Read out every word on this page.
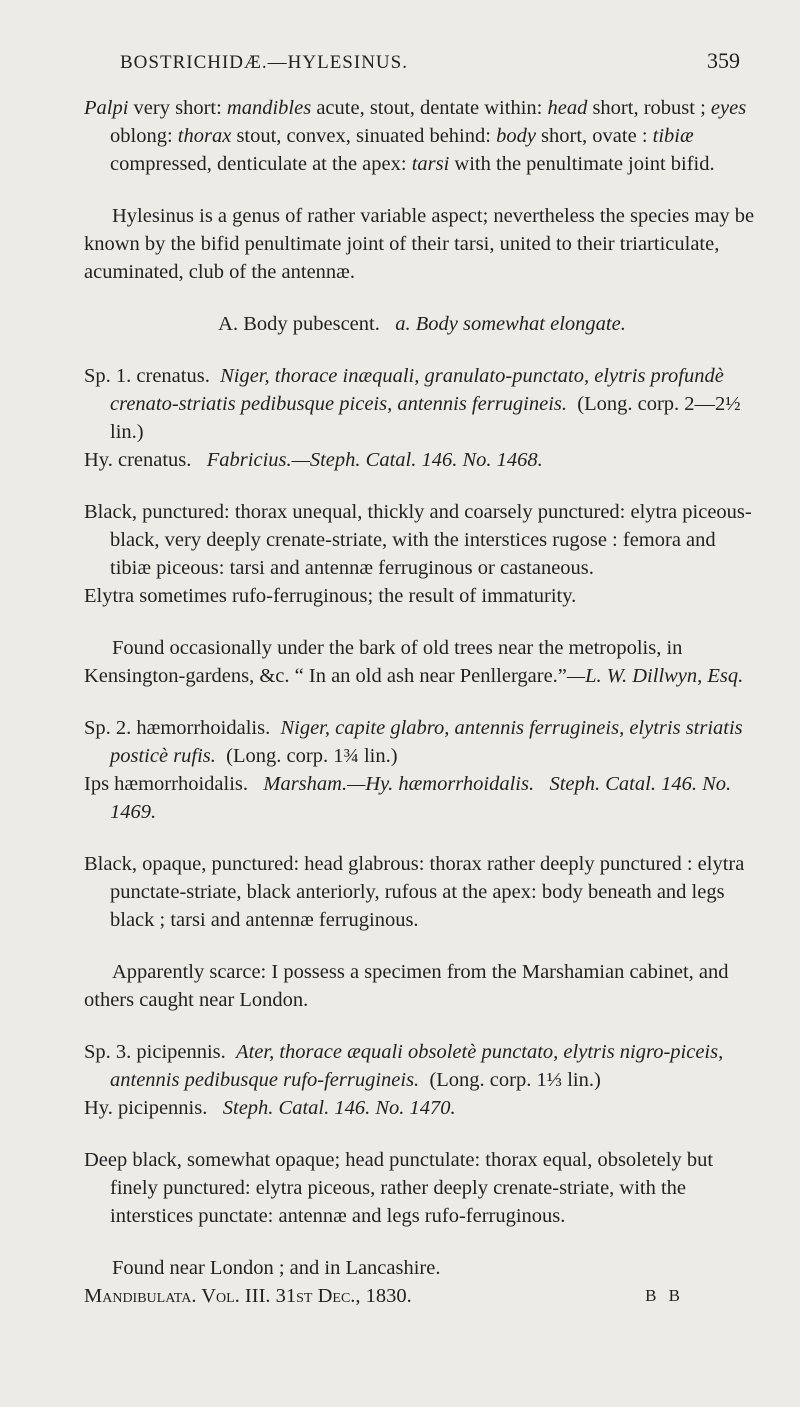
BOSTRICHIDÆ.—HYLESINUS.	359

Palpi very short: mandibles acute, stout, dentate within: head short, robust ; eyes oblong: thorax stout, convex, sinuated behind: body short, ovate : tibiæ compressed, denticulate at the apex: tarsi with the penultimate joint bifid.

Hylesinus is a genus of rather variable aspect; nevertheless the species may be known by the bifid penultimate joint of their tarsi, united to their triarticulate, acuminated, club of the antennæ.

A. Body pubescent. a. Body somewhat elongate.

Sp. 1. crenatus. Niger, thorace inæquali, granulato-punctato, elytris profundè crenato-striatis pedibusque piceis, antennis ferrugineis. (Long. corp. 2—2½ lin.)

Hy. crenatus. Fabricius.—Steph. Catal. 146. No. 1468.

Black, punctured: thorax unequal, thickly and coarsely punctured: elytra piceous-black, very deeply crenate-striate, with the interstices rugose : femora and tibiæ piceous: tarsi and antennæ ferruginous or castaneous.

Elytra sometimes rufo-ferruginous; the result of immaturity.

Found occasionally under the bark of old trees near the metropolis, in Kensington-gardens, &c. “ In an old ash near Penllergare.”—L. W. Dillwyn, Esq.

Sp. 2. hæmorrhoidalis. Niger, capite glabro, antennis ferrugineis, elytris striatis posticè rufis. (Long. corp. 1¾ lin.)

Ips hæmorrhoidalis. Marsham.—Hy. hæmorrhoidalis. Steph. Catal. 146. No. 1469.

Black, opaque, punctured: head glabrous: thorax rather deeply punctured : elytra punctate-striate, black anteriorly, rufous at the apex: body beneath and legs black ; tarsi and antennæ ferruginous.

Apparently scarce: I possess a specimen from the Marshamian cabinet, and others caught near London.

Sp. 3. picipennis. Ater, thorace æquali obsoletè punctato, elytris nigro-piceis, antennis pedibusque rufo-ferrugineis. (Long. corp. 1⅓ lin.)

Hy. picipennis. Steph. Catal. 146. No. 1470.

Deep black, somewhat opaque; head punctulate: thorax equal, obsoletely but finely punctured: elytra piceous, rather deeply crenate-striate, with the interstices punctate: antennæ and legs rufo-ferruginous.

Found near London ; and in Lancashire.

Mandibulata. Vol. III. 31st Dec., 1830.	B B
